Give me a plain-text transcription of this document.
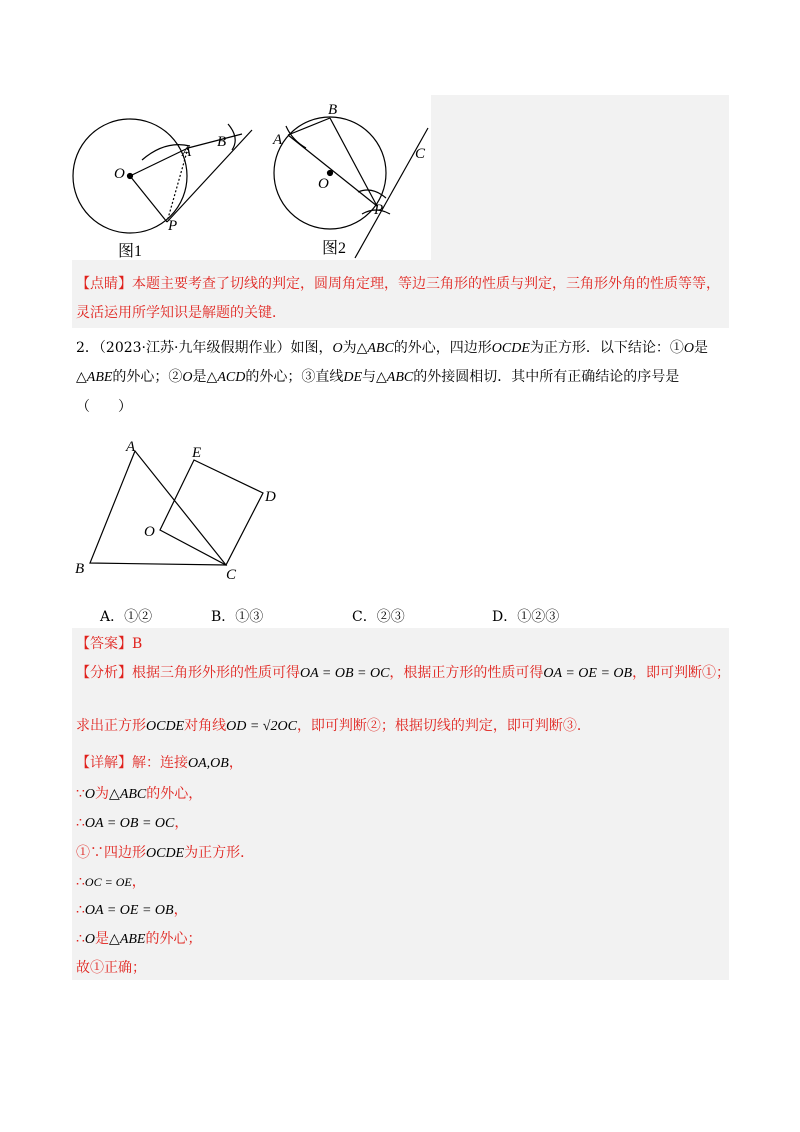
O
A
B
P
图1
A
B
C
O
P
图2
【点睛】本题主要考查了切线的判定，圆周角定理，等边三角形的性质与判定，三角形外角的性质等等，
灵活运用所学知识是解题的关键．
2．（2023·江苏·九年级假期作业）如图，O为△ABC的外心，四边形OCDE为正方形．以下结论：①O是
△ABE的外心；②O是△ACD的外心；③直线DE与△ABC的外接圆相切．其中所有正确结论的序号是
（　　）
A	E
D
O
B	C
A．①②	B．①③	C．②③	D．①②③
【答案】B
【分析】根据三角形外形的性质可得OA = OB = OC，根据正方形的性质可得OA = OE = OB，即可判断①；
求出正方形OCDE对角线OD = √2OC，即可判断②；根据切线的判定，即可判断③．
【详解】解：连接OA,OB，
∵O为△ABC的外心，
∴OA = OB = OC，
①∵四边形OCDE为正方形．
∴OC = OE，
∴OA = OE = OB，
∴O是△ABE的外心；
故①正确；
